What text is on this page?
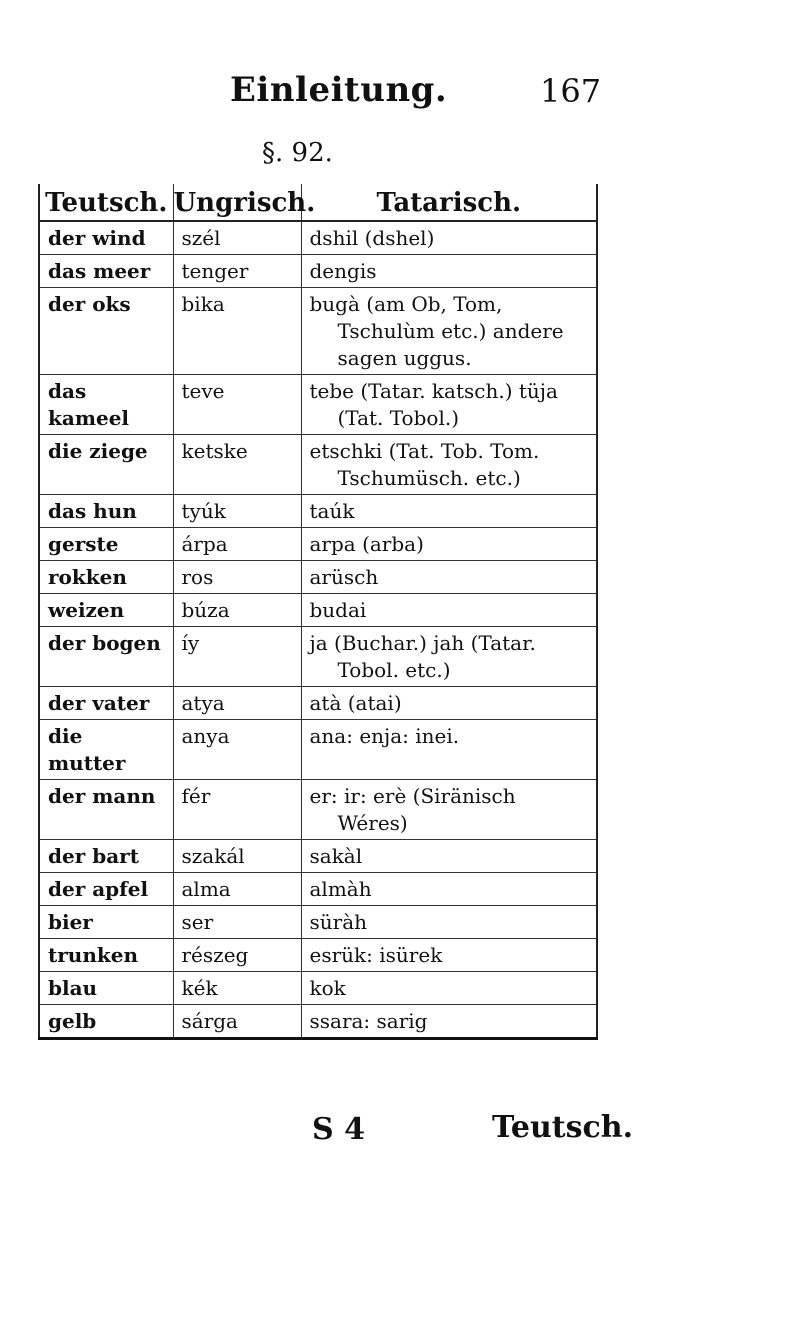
Einleitung.	167
§. 92.
Teutsch.	Ungrisch.	Tatarisch.
der wind	szél	dshil (dshel)
das meer	tenger	dengis
der oks	bika	bugà (am Ob, Tom,
Tschulùm etc.) andere sagen uggus.

das kameel	teve	tebe (Tatar. katsch.) tüja
(Tat. Tobol.)

die ziege	ketske	etschki (Tat. Tob. Tom.
Tschumüsch. etc.)

das hun	tyúk	taúk
gerste	árpa	arpa (arba)
rokken	ros	arüsch
weizen	búza	budai
der bogen	íy	ja (Buchar.) jah (Tatar.
Tobol. etc.)

der vater	atya	atà (atai)
die mutter	anya	ana: enja: inei.
der mann	fér	er: ir: erè (Siränisch
Wéres)

der bart	szakál	sakàl
der apfel	alma	almàh
bier	ser	süràh
trunken	részeg	esrük: isürek
blau	kék	kok
gelb	sárga	ssara: sarig
S 4	Teutsch.
